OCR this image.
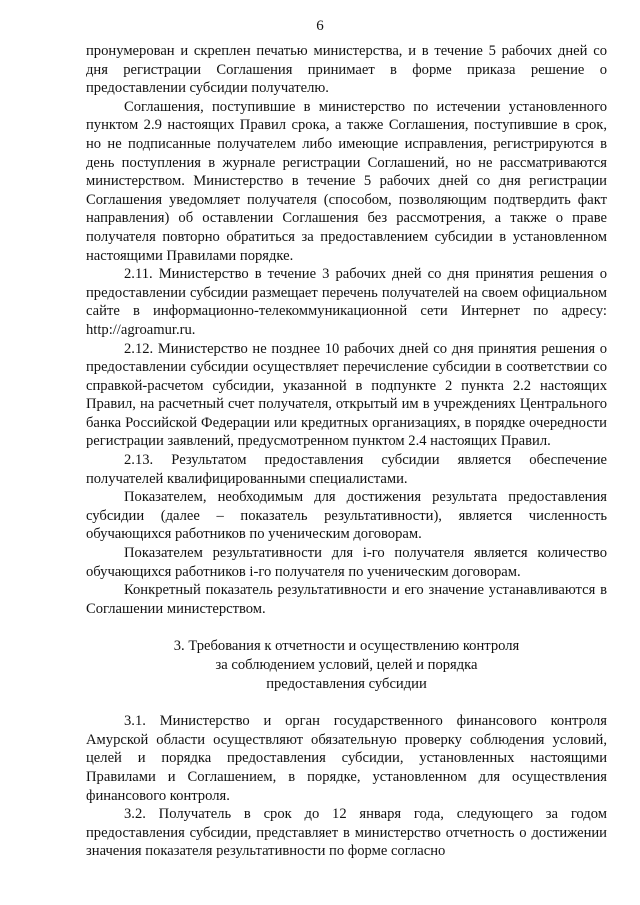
6

пронумерован и скреплен печатью министерства, и в течение 5 рабочих дней со дня регистрации Соглашения принимает в форме приказа решение о предоставлении субсидии получателю.

Соглашения, поступившие в министерство по истечении установленного пунктом 2.9 настоящих Правил срока, а также Соглашения, поступившие в срок, но не подписанные получателем либо имеющие исправления, регистрируются в день поступления в журнале регистрации Соглашений, но не рассматриваются министерством. Министерство в течение 5 рабочих дней со дня регистрации Соглашения уведомляет получателя (способом, позволяющим подтвердить факт направления) об оставлении Соглашения без рассмотрения, а также о праве получателя повторно обратиться за предоставлением субсидии в установленном настоящими Правилами порядке.

2.11. Министерство в течение 3 рабочих дней со дня принятия решения о предоставлении субсидии размещает перечень получателей на своем официальном сайте в информационно-телекоммуникационной сети Интернет по адресу: http://agroamur.ru.

2.12. Министерство не позднее 10 рабочих дней со дня принятия решения о предоставлении субсидии осуществляет перечисление субсидии в соответствии со справкой-расчетом субсидии, указанной в подпункте 2 пункта 2.2 настоящих Правил, на расчетный счет получателя, открытый им в учреждениях Центрального банка Российской Федерации или кредитных организациях, в порядке очередности регистрации заявлений, предусмотренном пунктом 2.4 настоящих Правил.

2.13. Результатом предоставления субсидии является обеспечение получателей квалифицированными специалистами.

Показателем, необходимым для достижения результата предоставления субсидии (далее – показатель результативности), является численность обучающихся работников по ученическим договорам.

Показателем результативности для i-го получателя является количество обучающихся работников i-го получателя по ученическим договорам.

Конкретный показатель результативности и его значение устанавливаются в Соглашении министерством.

3. Требования к отчетности и осуществлению контроля
за соблюдением условий, целей и порядка
предоставления субсидии

3.1. Министерство и орган государственного финансового контроля Амурской области осуществляют обязательную проверку соблюдения условий, целей и порядка предоставления субсидии, установленных настоящими Правилами и Соглашением, в порядке, установленном для осуществления финансового контроля.

3.2. Получатель в срок до 12 января года, следующего за годом предоставления субсидии, представляет в министерство отчетность о достижении значения показателя результативности по форме согласно
